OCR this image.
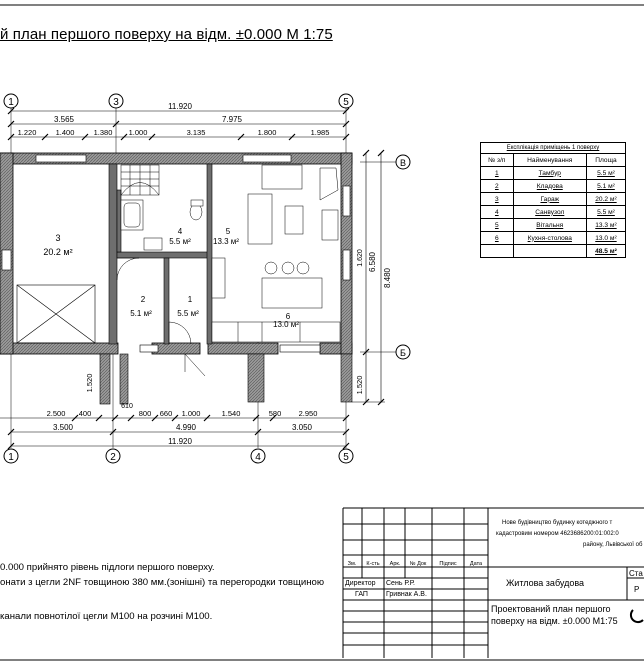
й план першого поверху на відм. ±0.000 М 1:75
1	3	5
1	2	4	5
В
Б
11.920
3.565	7.975
1.220	1.400	1.380 1.000	3.135	1.800	1.985
3
20.2 м²
4
5.5 м²
5
13.3 м²
2
5.1 м²
1
5.5 м²	6
13.0 м²
6.580
8.480
1.520
1.620
1.520
2.500 400
610
800 660 1.000	1.540	580 2.950
3.500	4.990	3.050
11.920
Зм. К-сть Арк. № Док Підпис Дата
Директор Сень Р.Р.
ГАП	Гривнак А.В.
Нове будівництво будинку котеджного т
кадастровим номером 4623686200:01:002:0
району, Львівської об
Житлова забудова
Проектований план першого
поверху на відм. ±0.000 М1:75
Ста
Р
Експлікація приміщень 1 поверху		
№ з/п	Найменування	Площа
1	Тамбур	5.5 м²
2	Кладова	5.1 м²
3	Гараж	20.2 м²
4	Санвузол	5.5 м²
5	Вітальня	13.3 м²
6	Кухня-столова	13.0 м²
		48.5 м²
0.000 прийнято рівень підлоги першого поверху.
онати з цегли 2NF товщиною 380 мм.(зонішні) та перегородки товщиною
канали повнотілої цегли М100 на розчині М100.
